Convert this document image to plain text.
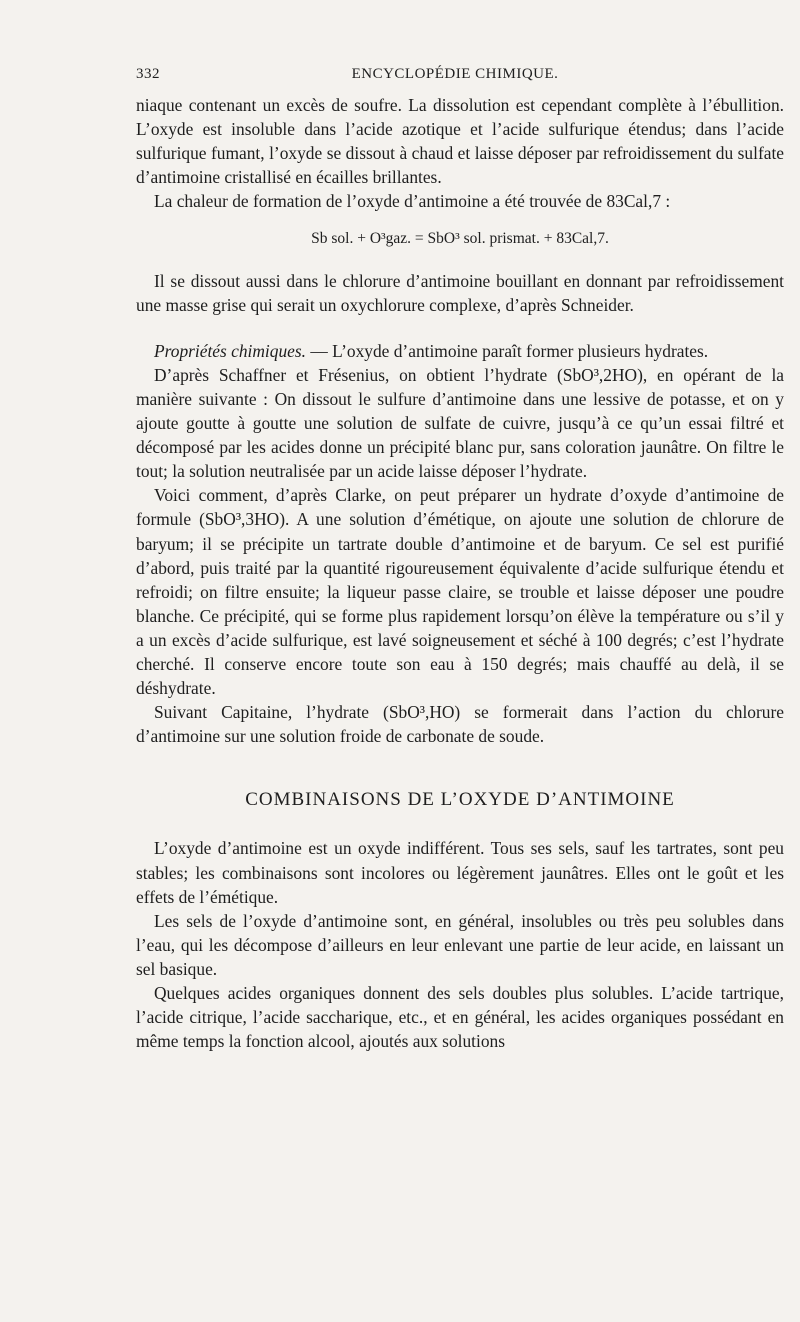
332	ENCYCLOPÉDIE CHIMIQUE.

niaque contenant un excès de soufre. La dissolution est cependant complète à l’ébullition. L’oxyde est insoluble dans l’acide azotique et l’acide sulfurique étendus; dans l’acide sulfurique fumant, l’oxyde se dissout à chaud et laisse déposer par refroidissement du sulfate d’antimoine cristallisé en écailles brillantes.

La chaleur de formation de l’oxyde d’antimoine a été trouvée de 83Cal,7 :

Sb sol. + O³gaz. = SbO³ sol. prismat. + 83Cal,7.

Il se dissout aussi dans le chlorure d’antimoine bouillant en donnant par refroidissement une masse grise qui serait un oxychlorure complexe, d’après Schneider.

Propriétés chimiques. — L’oxyde d’antimoine paraît former plusieurs hydrates.

D’après Schaffner et Frésenius, on obtient l’hydrate (SbO³,2HO), en opérant de la manière suivante : On dissout le sulfure d’antimoine dans une lessive de potasse, et on y ajoute goutte à goutte une solution de sulfate de cuivre, jusqu’à ce qu’un essai filtré et décomposé par les acides donne un précipité blanc pur, sans coloration jaunâtre. On filtre le tout; la solution neutralisée par un acide laisse déposer l’hydrate.

Voici comment, d’après Clarke, on peut préparer un hydrate d’oxyde d’antimoine de formule (SbO³,3HO). A une solution d’émétique, on ajoute une solution de chlorure de baryum; il se précipite un tartrate double d’antimoine et de baryum. Ce sel est purifié d’abord, puis traité par la quantité rigoureusement équivalente d’acide sulfurique étendu et refroidi; on filtre ensuite; la liqueur passe claire, se trouble et laisse déposer une poudre blanche. Ce précipité, qui se forme plus rapidement lorsqu’on élève la température ou s’il y a un excès d’acide sulfurique, est lavé soigneusement et séché à 100 degrés; c’est l’hydrate cherché. Il conserve encore toute son eau à 150 degrés; mais chauffé au delà, il se déshydrate.

Suivant Capitaine, l’hydrate (SbO³,HO) se formerait dans l’action du chlorure d’antimoine sur une solution froide de carbonate de soude.

COMBINAISONS DE L’OXYDE D’ANTIMOINE

L’oxyde d’antimoine est un oxyde indifférent. Tous ses sels, sauf les tartrates, sont peu stables; les combinaisons sont incolores ou légèrement jaunâtres. Elles ont le goût et les effets de l’émétique.

Les sels de l’oxyde d’antimoine sont, en général, insolubles ou très peu solubles dans l’eau, qui les décompose d’ailleurs en leur enlevant une partie de leur acide, en laissant un sel basique.

Quelques acides organiques donnent des sels doubles plus solubles. L’acide tartrique, l’acide citrique, l’acide saccharique, etc., et en général, les acides organiques possédant en même temps la fonction alcool, ajoutés aux solutions
